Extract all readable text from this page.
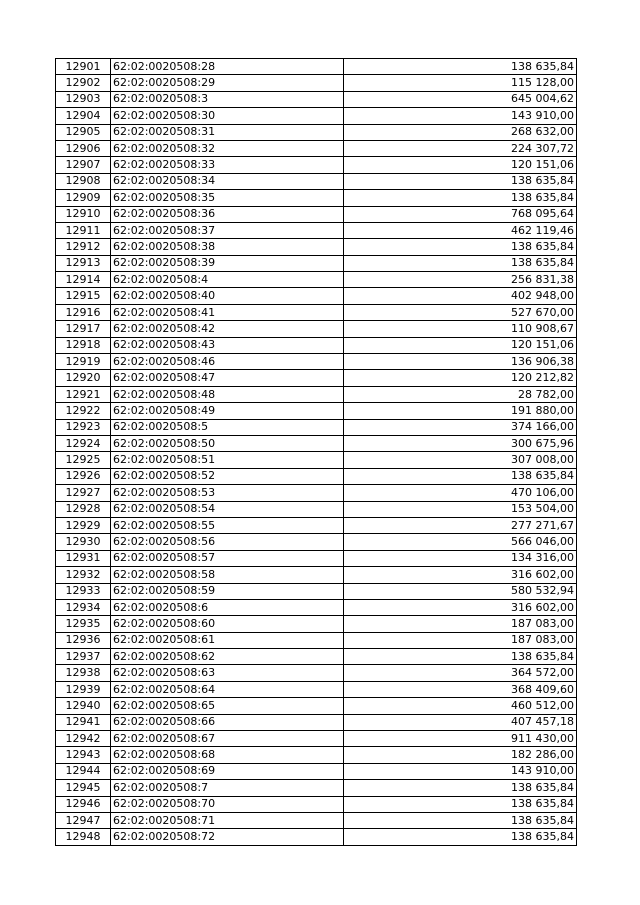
12901	62:02:0020508:28	138 635,84
12902	62:02:0020508:29	115 128,00
12903	62:02:0020508:3	645 004,62
12904	62:02:0020508:30	143 910,00
12905	62:02:0020508:31	268 632,00
12906	62:02:0020508:32	224 307,72
12907	62:02:0020508:33	120 151,06
12908	62:02:0020508:34	138 635,84
12909	62:02:0020508:35	138 635,84
12910	62:02:0020508:36	768 095,64
12911	62:02:0020508:37	462 119,46
12912	62:02:0020508:38	138 635,84
12913	62:02:0020508:39	138 635,84
12914	62:02:0020508:4	256 831,38
12915	62:02:0020508:40	402 948,00
12916	62:02:0020508:41	527 670,00
12917	62:02:0020508:42	110 908,67
12918	62:02:0020508:43	120 151,06
12919	62:02:0020508:46	136 906,38
12920	62:02:0020508:47	120 212,82
12921	62:02:0020508:48	28 782,00
12922	62:02:0020508:49	191 880,00
12923	62:02:0020508:5	374 166,00
12924	62:02:0020508:50	300 675,96
12925	62:02:0020508:51	307 008,00
12926	62:02:0020508:52	138 635,84
12927	62:02:0020508:53	470 106,00
12928	62:02:0020508:54	153 504,00
12929	62:02:0020508:55	277 271,67
12930	62:02:0020508:56	566 046,00
12931	62:02:0020508:57	134 316,00
12932	62:02:0020508:58	316 602,00
12933	62:02:0020508:59	580 532,94
12934	62:02:0020508:6	316 602,00
12935	62:02:0020508:60	187 083,00
12936	62:02:0020508:61	187 083,00
12937	62:02:0020508:62	138 635,84
12938	62:02:0020508:63	364 572,00
12939	62:02:0020508:64	368 409,60
12940	62:02:0020508:65	460 512,00
12941	62:02:0020508:66	407 457,18
12942	62:02:0020508:67	911 430,00
12943	62:02:0020508:68	182 286,00
12944	62:02:0020508:69	143 910,00
12945	62:02:0020508:7	138 635,84
12946	62:02:0020508:70	138 635,84
12947	62:02:0020508:71	138 635,84
12948	62:02:0020508:72	138 635,84
